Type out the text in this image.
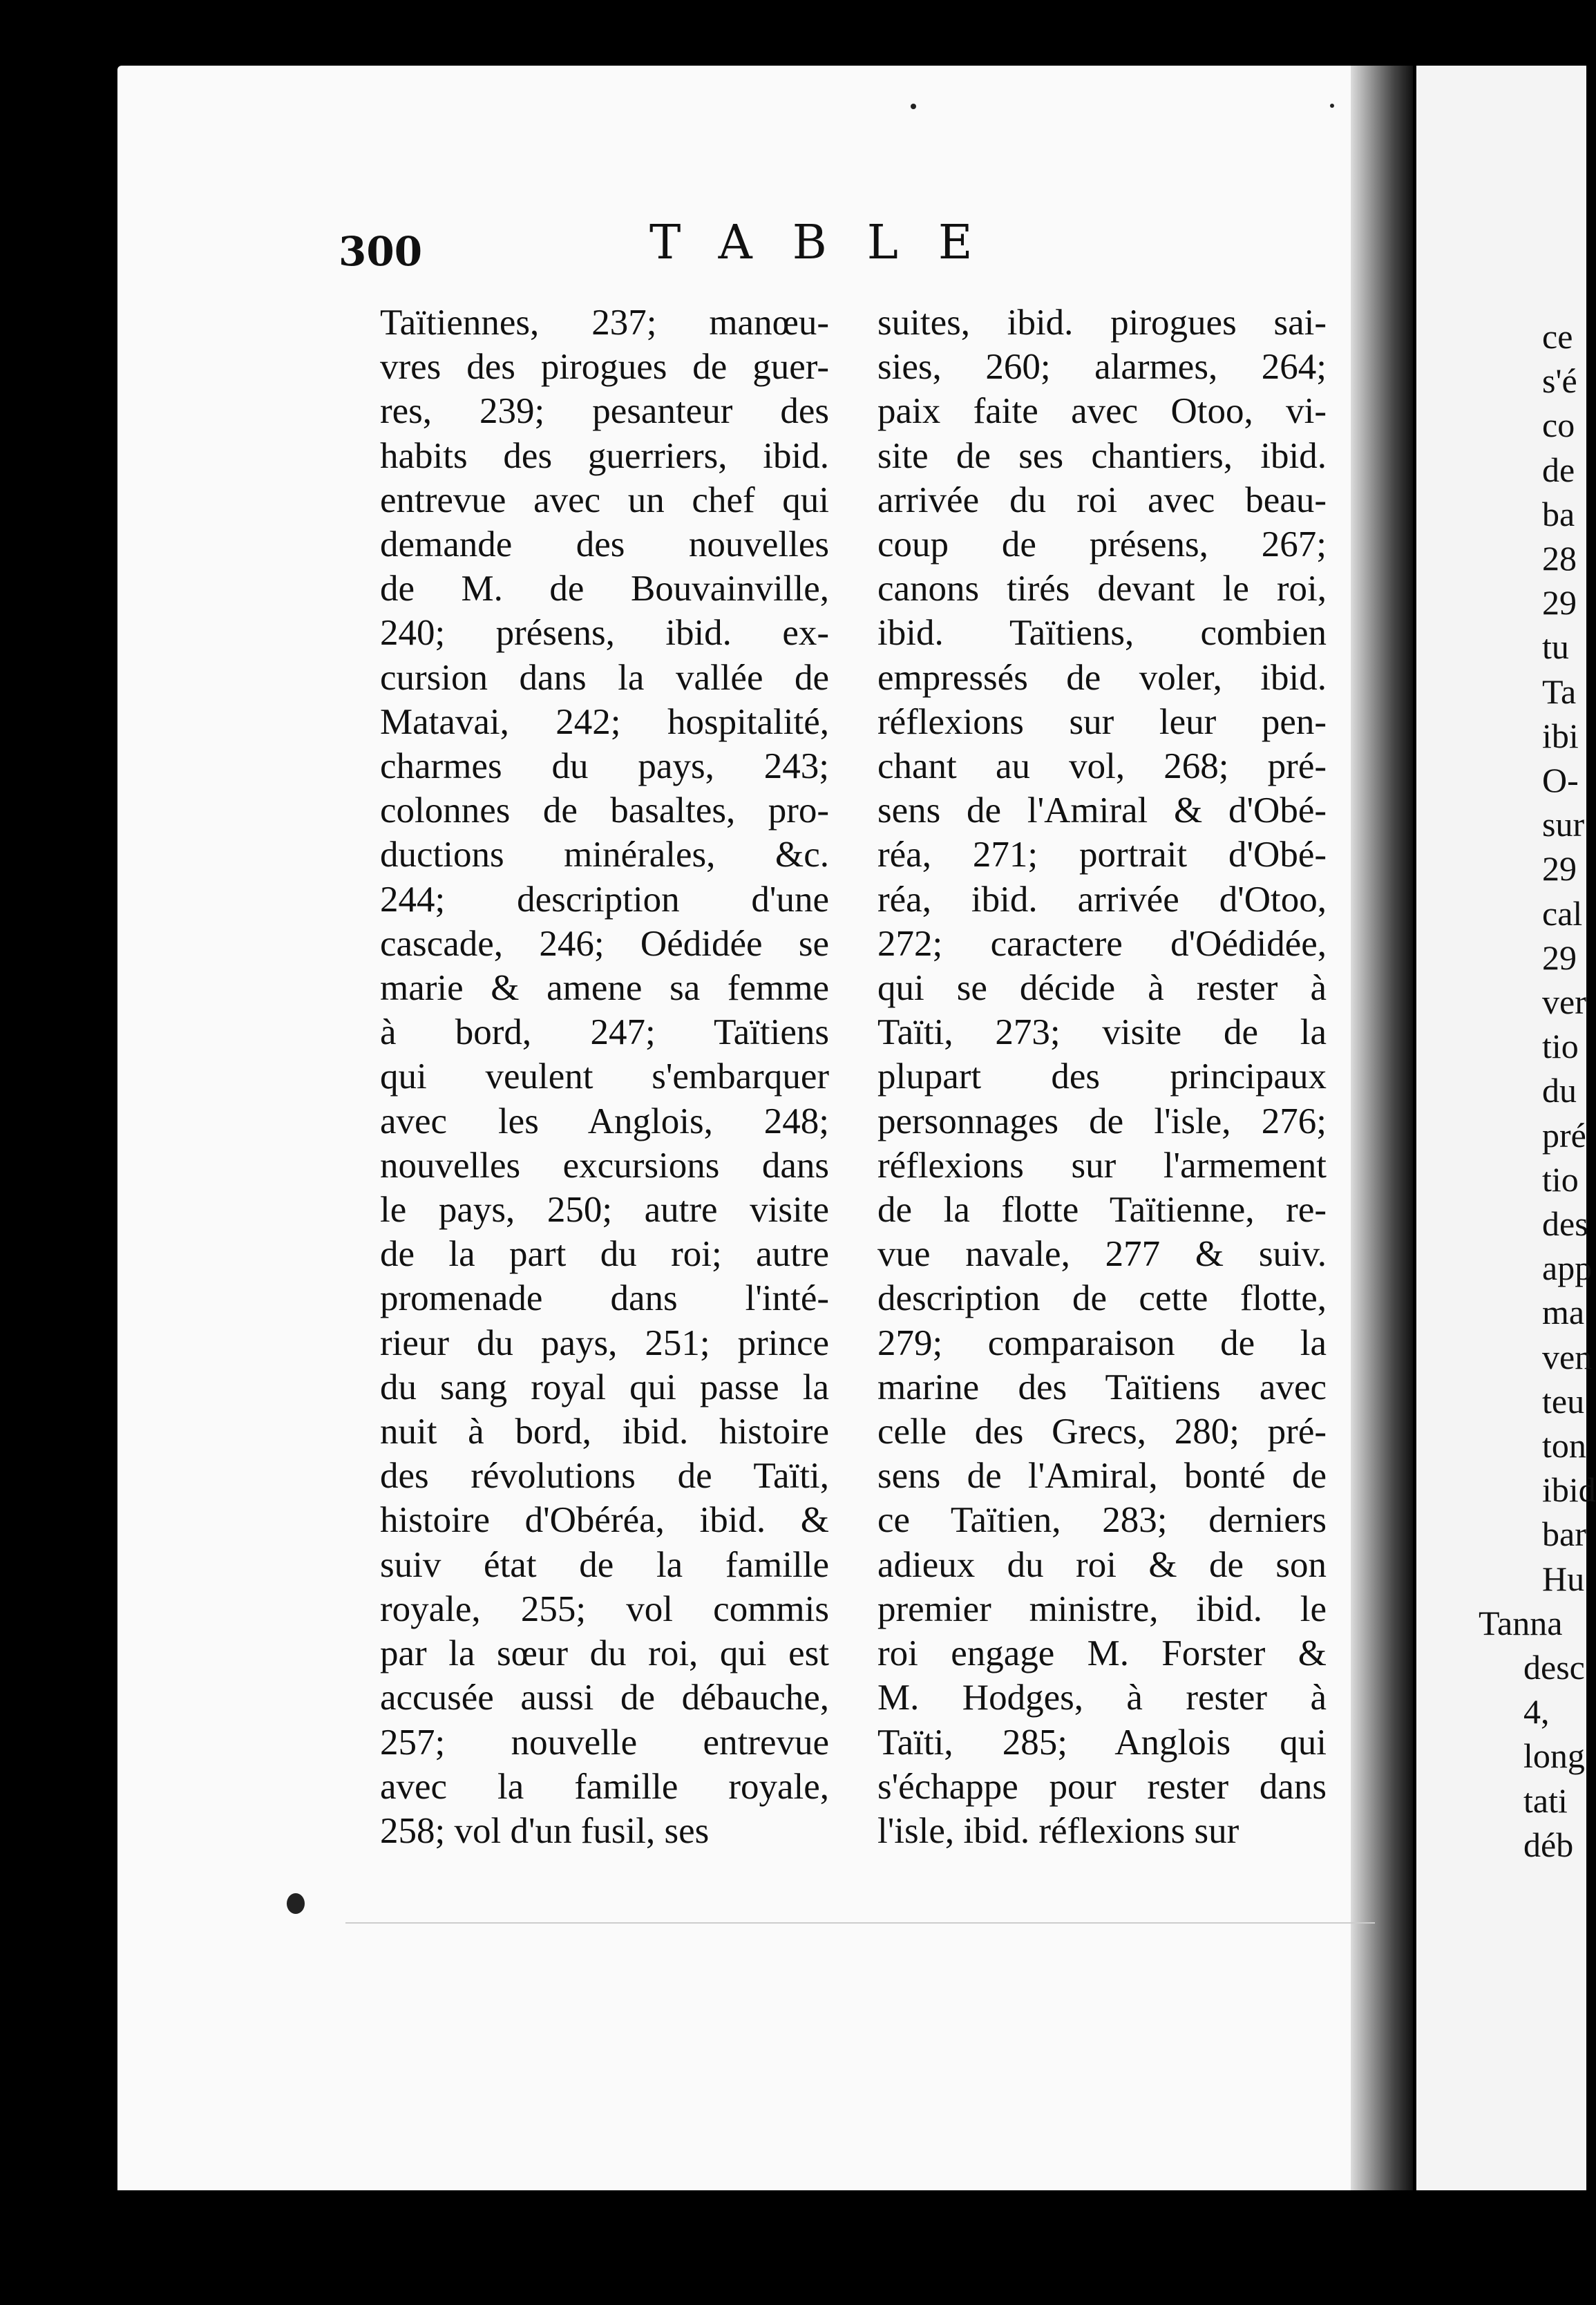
300	TABLE
Taïtiennes, 237; manœu-
vres des pirogues de guer-
res, 239; pesanteur des
habits des guerriers, ibid.
entrevue avec un chef qui
demande des nouvelles
de M. de Bouvainville,
240; présens, ibid. ex-
cursion dans la vallée de
Matavai, 242; hospitalité,
charmes du pays, 243;
colonnes de basaltes, pro-
ductions minérales, &c.
244; description d'une
cascade, 246; Oédidée se
marie & amene sa femme
à bord, 247; Taïtiens
qui veulent s'embarquer
avec les Anglois, 248;
nouvelles excursions dans
le pays, 250; autre visite
de la part du roi; autre
promenade dans l'inté-
rieur du pays, 251; prince
du sang royal qui passe la
nuit à bord, ibid. histoire
des révolutions de Taïti,
histoire d'Obéréa, ibid. &
suiv état de la famille
royale, 255; vol commis
par la sœur du roi, qui est
accusée aussi de débauche,
257; nouvelle entrevue
avec la famille royale,
258; vol d'un fusil, ses
suites, ibid. pirogues sai-
sies, 260; alarmes, 264;
paix faite avec Otoo, vi-
site de ses chantiers, ibid.
arrivée du roi avec beau-
coup de présens, 267;
canons tirés devant le roi,
ibid. Taïtiens, combien
empressés de voler, ibid.
réflexions sur leur pen-
chant au vol, 268; pré-
sens de l'Amiral & d'Obé-
réa, 271; portrait d'Obé-
réa, ibid. arrivée d'Otoo,
272; caractere d'Oédidée,
qui se décide à rester à
Taïti, 273; visite de la
plupart des principaux
personnages de l'isle, 276;
réflexions sur l'armement
de la flotte Taïtienne, re-
vue navale, 277 & suiv.
description de cette flotte,
279; comparaison de la
marine des Taïtiens avec
celle des Grecs, 280; pré-
sens de l'Amiral, bonté de
ce Taïtien, 283; derniers
adieux du roi & de son
premier ministre, ibid. le
roi engage M. Forster &
M. Hodges, à rester à
Taïti, 285; Anglois qui
s'échappe pour rester dans
l'isle, ibid. réflexions sur
ce
s'é
co
de
ba
28
29
tu
Ta
ibi
O-
sur
29
cal
29
ver
tio
du
pré
tio
des
app
ma
ven
teu
ton
ibid
bar
Hu
Tanna
desc
4,
long
tati
déb
